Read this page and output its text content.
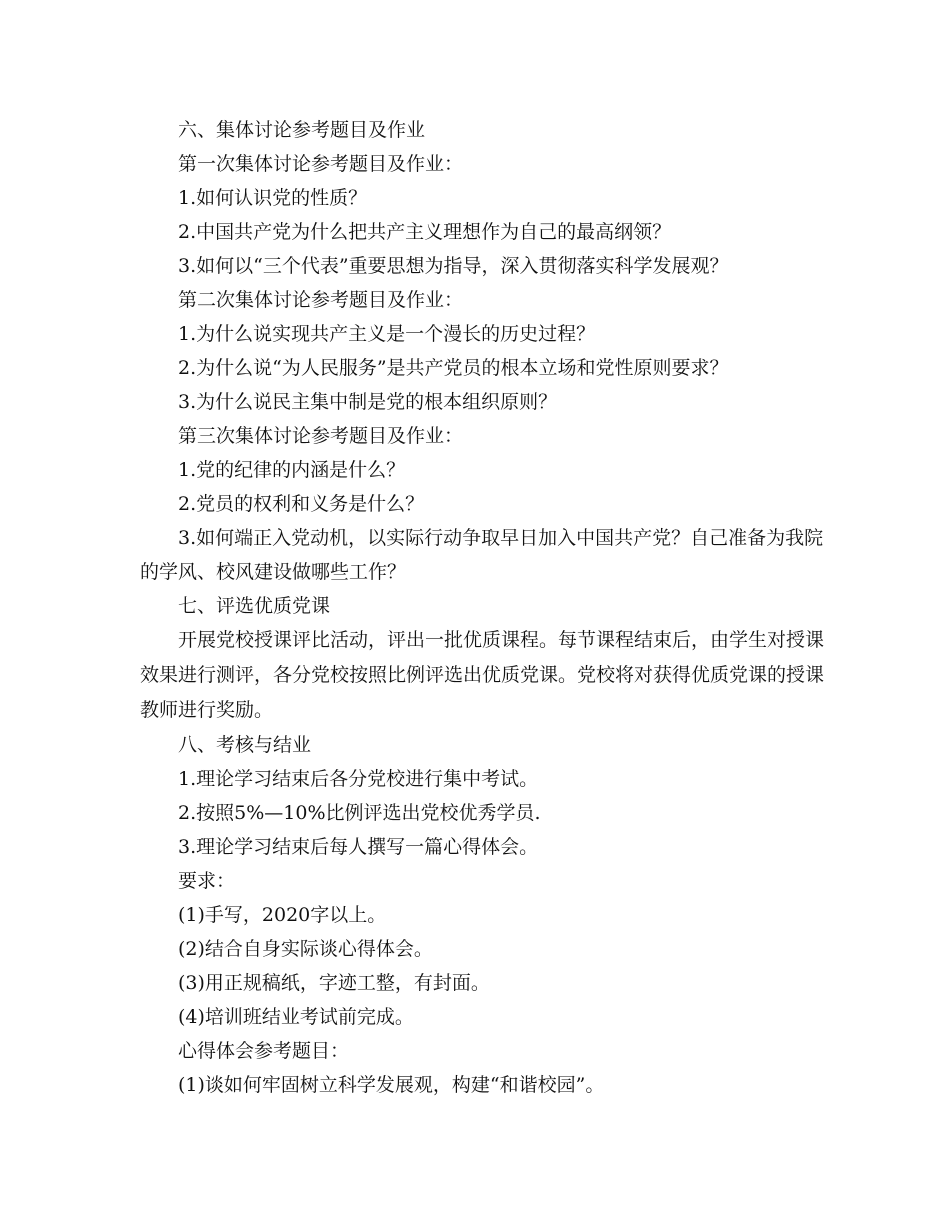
六、集体讨论参考题目及作业
第一次集体讨论参考题目及作业：
1.如何认识党的性质？
2.中国共产党为什么把共产主义理想作为自己的最高纲领？
3.如何以“三个代表”重要思想为指导，深入贯彻落实科学发展观？
第二次集体讨论参考题目及作业：
1.为什么说实现共产主义是一个漫长的历史过程？
2.为什么说“为人民服务”是共产党员的根本立场和党性原则要求？
3.为什么说民主集中制是党的根本组织原则？
第三次集体讨论参考题目及作业：
1.党的纪律的内涵是什么？
2.党员的权利和义务是什么？
3.如何端正入党动机，以实际行动争取早日加入中国共产党？自己准备为我院
的学风、校风建设做哪些工作？
七、评选优质党课
开展党校授课评比活动，评出一批优质课程。每节课程结束后，由学生对授课
效果进行测评，各分党校按照比例评选出优质党课。党校将对获得优质党课的授课
教师进行奖励。
八、考核与结业
1.理论学习结束后各分党校进行集中考试。
2.按照5%—10%比例评选出党校优秀学员.
3.理论学习结束后每人撰写一篇心得体会。
要求：
(1)手写，2020字以上。
(2)结合自身实际谈心得体会。
(3)用正规稿纸，字迹工整，有封面。
(4)培训班结业考试前完成。
心得体会参考题目：
(1)谈如何牢固树立科学发展观，构建“和谐校园”。
